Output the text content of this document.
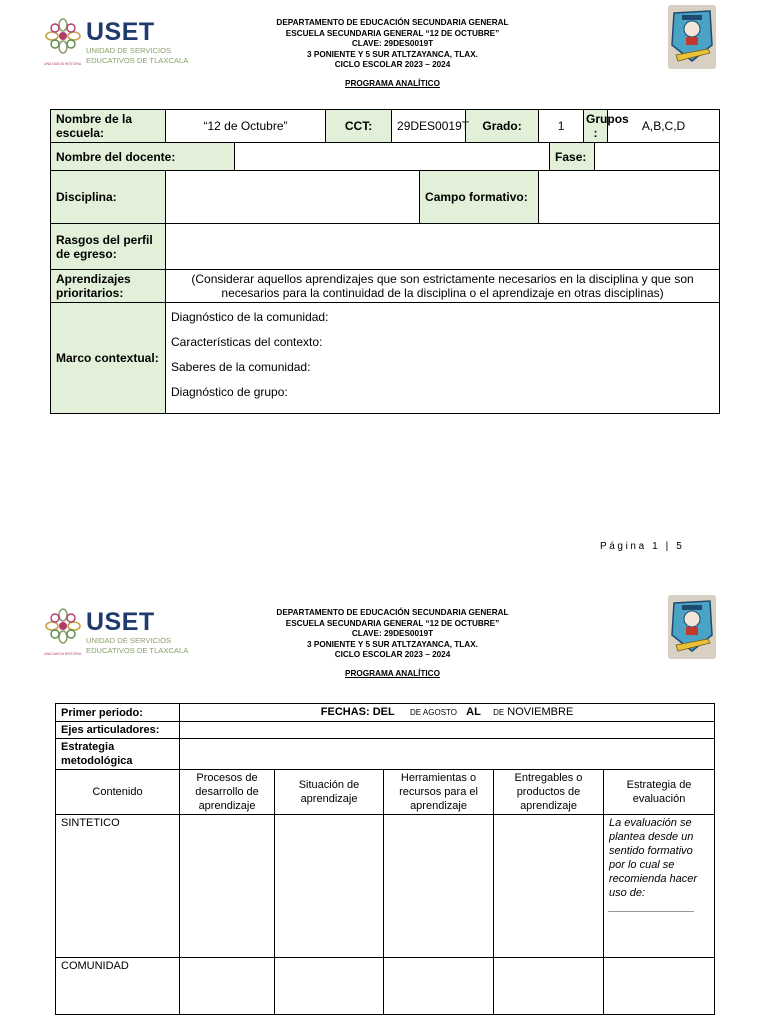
USET
UNIDAD DE SERVICIOS
EDUCATIVOS DE TLAXCALA
UNA NUEVA HISTORIA
DEPARTAMENTO DE EDUCACIÓN SECUNDARIA GENERAL
ESCUELA SECUNDARIA GENERAL “12 DE OCTUBRE”
CLAVE: 29DES0019T
3 PONIENTE Y 5 SUR ATLTZAYANCA, TLAX.
CICLO ESCOLAR 2023 – 2024
PROGRAMA ANALÍTICO
Nombre de la escuela:	“12 de Octubre”		CCT:	29DES0019T		Grado:	1		Grupos :		A,B,C,D
Nombre del docente:								Fase:			
Disciplina:					Campo formativo:						
Rasgos del perfil de egreso:											
Aprendizajes prioritarios:	(Considerar aquellos aprendizajes que son estrictamente necesarios en la disciplina y que son necesarios para la continuidad de la disciplina o el aprendizaje en otras disciplinas)										
Marco contextual:	Diagnóstico de la comunidad:
Características del contexto:
Saberes de la comunidad:
Diagnóstico de grupo:										
Página 1 | 5
USET
UNIDAD DE SERVICIOS
EDUCATIVOS DE TLAXCALA
UNA NUEVA HISTORIA
DEPARTAMENTO DE EDUCACIÓN SECUNDARIA GENERAL
ESCUELA SECUNDARIA GENERAL “12 DE OCTUBRE”
CLAVE: 29DES0019T
3 PONIENTE Y 5 SUR ATLTZAYANCA, TLAX.
CICLO ESCOLAR 2023 – 2024
PROGRAMA ANALÍTICO
Primer periodo:	FECHAS: DEL DE AGOSTO AL DE NOVIEMBRE				
Ejes articuladores:					
Estrategia metodológica					
Contenido	Procesos de desarrollo de aprendizaje	Situación de aprendizaje	Herramientas o recursos para el aprendizaje	Entregables o productos de aprendizaje	Estrategia de evaluación
SINTETICO					La evaluación se plantea desde un sentido formativo por lo cual se recomienda hacer uso de:
______________

COMUNIDAD					
